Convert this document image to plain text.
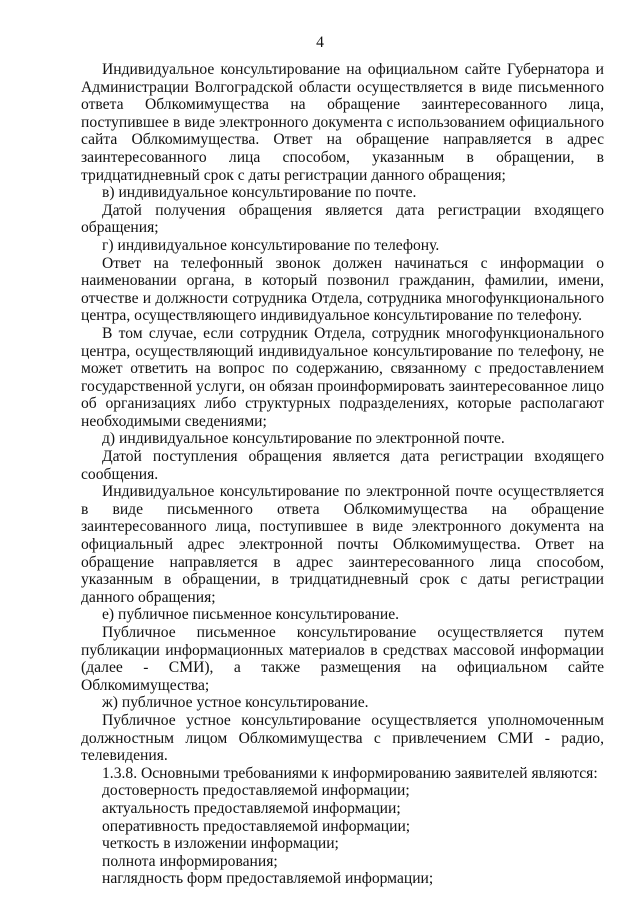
4

Индивидуальное консультирование на официальном сайте Губернатора и Администрации Волгоградской области осуществляется в виде письменного ответа Облкомимущества на обращение заинтересованного лица, поступившее в виде электронного документа с использованием официального сайта Облкомимущества. Ответ на обращение направляется в адрес заинтересованного лица способом, указанным в обращении, в тридцатидневный срок с даты регистрации данного обращения;

в) индивидуальное консультирование по почте.

Датой получения обращения является дата регистрации входящего обращения;

г) индивидуальное консультирование по телефону.

Ответ на телефонный звонок должен начинаться с информации о наименовании органа, в который позвонил гражданин, фамилии, имени, отчестве и должности сотрудника Отдела, сотрудника многофункционального центра, осуществляющего индивидуальное консультирование по телефону.

В том случае, если сотрудник Отдела, сотрудник многофункционального центра, осуществляющий индивидуальное консультирование по телефону, не может ответить на вопрос по содержанию, связанному с предоставлением государственной услуги, он обязан проинформировать заинтересованное лицо об организациях либо структурных подразделениях, которые располагают необходимыми сведениями;

д) индивидуальное консультирование по электронной почте.

Датой поступления обращения является дата регистрации входящего сообщения.

Индивидуальное консультирование по электронной почте осуществляется в виде письменного ответа Облкомимущества на обращение заинтересованного лица, поступившее в виде электронного документа на официальный адрес электронной почты Облкомимущества. Ответ на обращение направляется в адрес заинтересованного лица способом, указанным в обращении, в тридцатидневный срок с даты регистрации данного обращения;

е) публичное письменное консультирование.

Публичное письменное консультирование осуществляется путем публикации информационных материалов в средствах массовой информации (далее - СМИ), а также размещения на официальном сайте Облкомимущества;

ж) публичное устное консультирование.

Публичное устное консультирование осуществляется уполномоченным должностным лицом Облкомимущества с привлечением СМИ - радио, телевидения.

1.3.8. Основными требованиями к информированию заявителей являются:

достоверность предоставляемой информации;

актуальность предоставляемой информации;

оперативность предоставляемой информации;

четкость в изложении информации;

полнота информирования;

наглядность форм предоставляемой информации;
